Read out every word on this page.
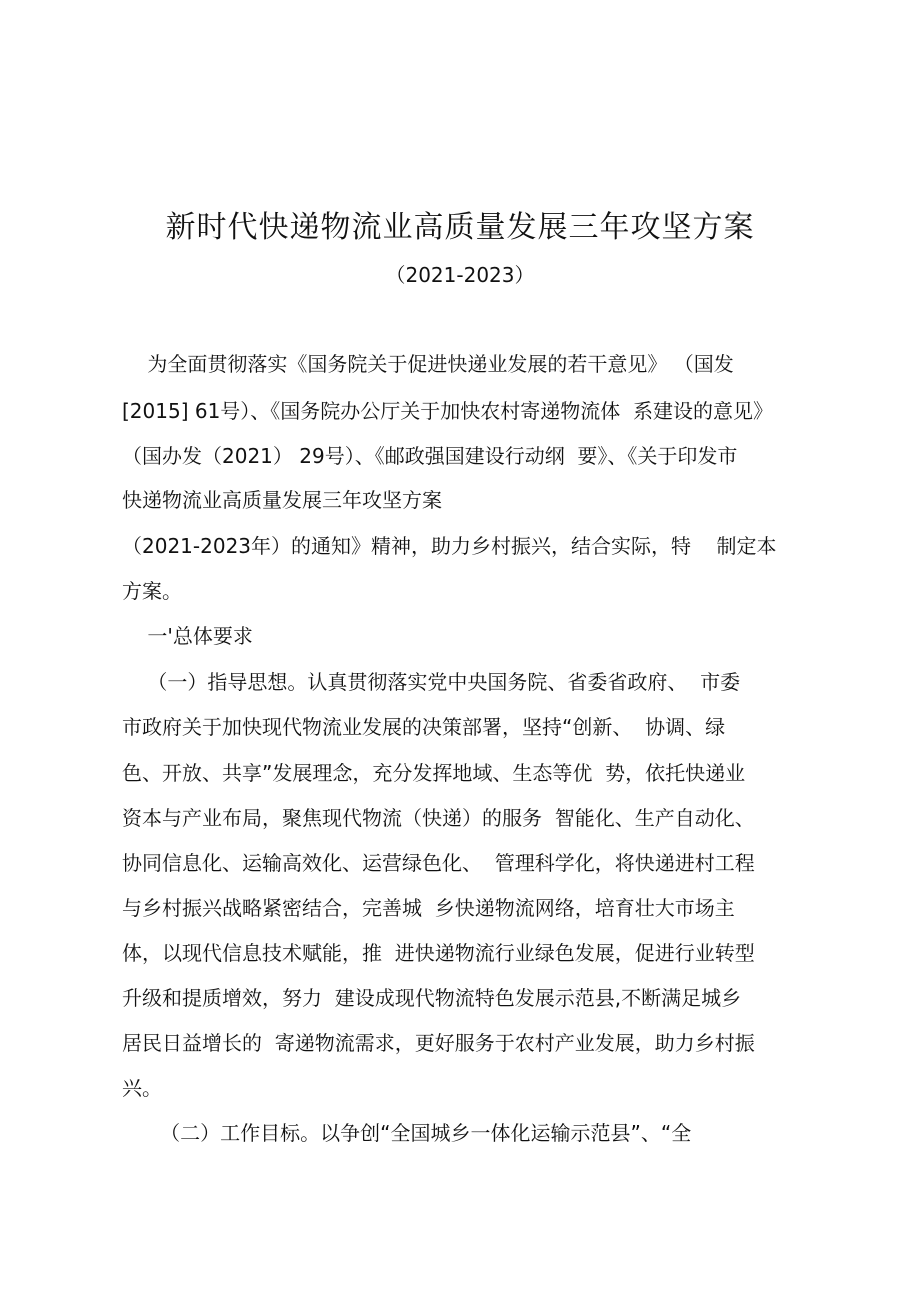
新时代快递物流业高质量发展三年攻坚方案
（2021-2023）
为全面贯彻落实《国务院关于促进快递业发展的若干意见》 （国发
[2015] 61号）、《国务院办公厅关于加快农村寄递物流体  系建设的意见》
（国办发（2021） 29号）、《邮政强国建设行动纲  要》、《关于印发市
快递物流业高质量发展三年攻坚方案
（2021-2023年）的通知》精神，助力乡村振兴，结合实际，特    制定本
方案。
一'总体要求
（一）指导思想。认真贯彻落实党中央国务院、省委省政府、  市委
市政府关于加快现代物流业发展的决策部署，坚持“创新、  协调、绿
色、开放、共享”发展理念，充分发挥地域、生态等优  势，依托快递业
资本与产业布局，聚焦现代物流（快递）的服务  智能化、生产自动化、
协同信息化、运输高效化、运营绿色化、  管理科学化，将快递进村工程
与乡村振兴战略紧密结合，完善城  乡快递物流网络，培育壮大市场主
体，以现代信息技术赋能，推  进快递物流行业绿色发展，促进行业转型
升级和提质增效，努力  建设成现代物流特色发展示范县,不断满足城乡
居民日益增长的  寄递物流需求，更好服务于农村产业发展，助力乡村振
兴。
（二）工作目标。以争创“全国城乡一体化运输示范县”、“全
